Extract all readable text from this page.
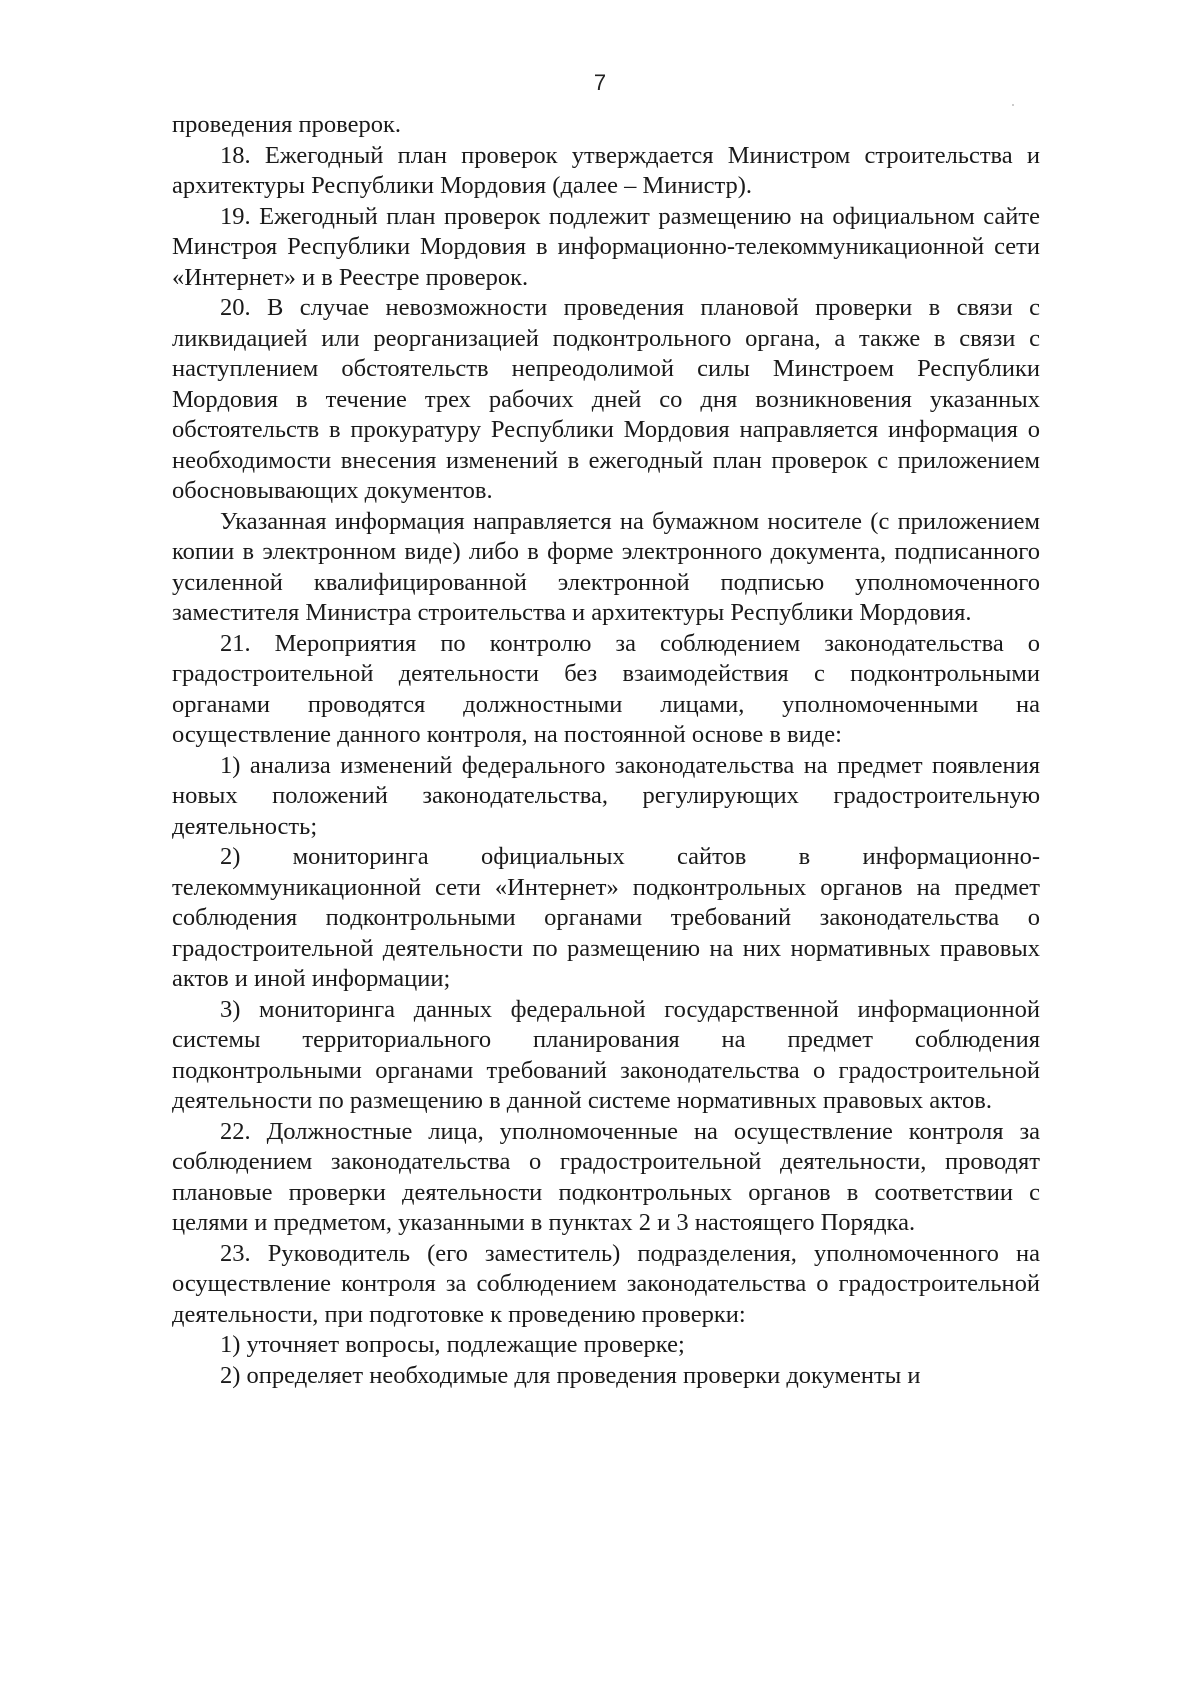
7

проведения проверок.

18. Ежегодный план проверок утверждается Министром строительства и архитектуры Республики Мордовия (далее – Министр).

19. Ежегодный план проверок подлежит размещению на официальном сайте Минстроя Республики Мордовия в информационно-телекоммуникационной сети «Интернет» и в Реестре проверок.

20. В случае невозможности проведения плановой проверки в связи с ликвидацией или реорганизацией подконтрольного органа, а также в связи с наступлением обстоятельств непреодолимой силы Минстроем Республики Мордовия в течение трех рабочих дней со дня возникновения указанных обстоятельств в прокуратуру Республики Мордовия направляется информация о необходимости внесения изменений в ежегодный план проверок с приложением обосновывающих документов.

Указанная информация направляется на бумажном носителе (с приложением копии в электронном виде) либо в форме электронного документа, подписанного усиленной квалифицированной электронной подписью уполномоченного заместителя Министра строительства и архитектуры Республики Мордовия.

21. Мероприятия по контролю за соблюдением законодательства о градостроительной деятельности без взаимодействия с подконтрольными органами проводятся должностными лицами, уполномоченными на осуществление данного контроля, на постоянной основе в виде:

1) анализа изменений федерального законодательства на предмет появления новых положений законодательства, регулирующих градостроительную деятельность;

2) мониторинга официальных сайтов в информационно-телекоммуникационной сети «Интернет» подконтрольных органов на предмет соблюдения подконтрольными органами требований законодательства о градостроительной деятельности по размещению на них нормативных правовых актов и иной информации;

3) мониторинга данных федеральной государственной информационной системы территориального планирования на предмет соблюдения подконтрольными органами требований законодательства о градостроительной деятельности по размещению в данной системе нормативных правовых актов.

22. Должностные лица, уполномоченные на осуществление контроля за соблюдением законодательства о градостроительной деятельности, проводят плановые проверки деятельности подконтрольных органов в соответствии с целями и предметом, указанными в пунктах 2 и 3 настоящего Порядка.

23. Руководитель (его заместитель) подразделения, уполномоченного на осуществление контроля за соблюдением законодательства о градостроительной деятельности, при подготовке к проведению проверки:

1) уточняет вопросы, подлежащие проверке;

2) определяет необходимые для проведения проверки документы и
